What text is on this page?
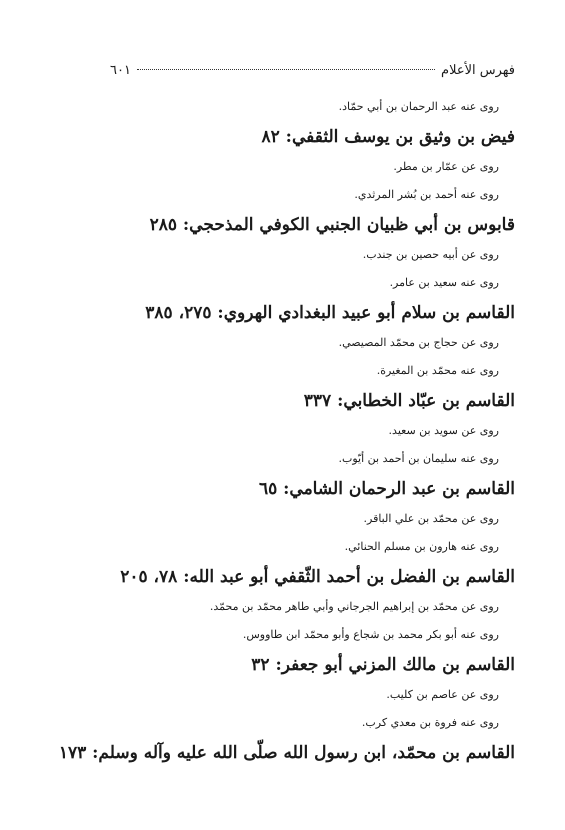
فهرس الأعلام
٦٠١

روى عنه عبد الرحمان بن أبي حمّاد.

فيض بن وثيق بن يوسف الثقفي: ٨٢

روى عن عمّار بن مطر.

روى عنه أحمد بن بُشر المرثدي.

قابوس بن أبي ظبيان الجنبي الكوفي المذحجي: ٢٨٥

روى عن أبيه حصين بن جندب.

روى عنه سعيد بن عامر.

القاسم بن سلام أبو عبيد البغدادي الهروي: ٢٧٥، ٣٨٥

روى عن حجاج بن محمّد المصيصي.

روى عنه محمّد بن المغيرة.

القاسم بن عبّاد الخطابي: ٣٣٧

روى عن سويد بن سعيد.

روى عنه سليمان بن أحمد بن أيّوب.

القاسم بن عبد الرحمان الشامي: ٦٥

روى عن محمّد بن علي الباقر.

روى عنه هارون بن مسلم الحنائي.

القاسم بن الفضل بن أحمد الثّقفي أبو عبد الله: ٧٨، ٢٠٥

روى عن محمّد بن إبراهيم الجرجاني وأبي طاهر محمّد بن محمّد.

روى عنه أبو بكر محمد بن شجاع وأبو محمّد ابن طاووس.

القاسم بن مالك المزني أبو جعفر: ٣٢

روى عن عاصم بن كليب.

روى عنه فروة بن معدي كرب.

القاسم بن محمّد، ابن رسول الله صلّى الله عليه وآله وسلم: ١٧٣
